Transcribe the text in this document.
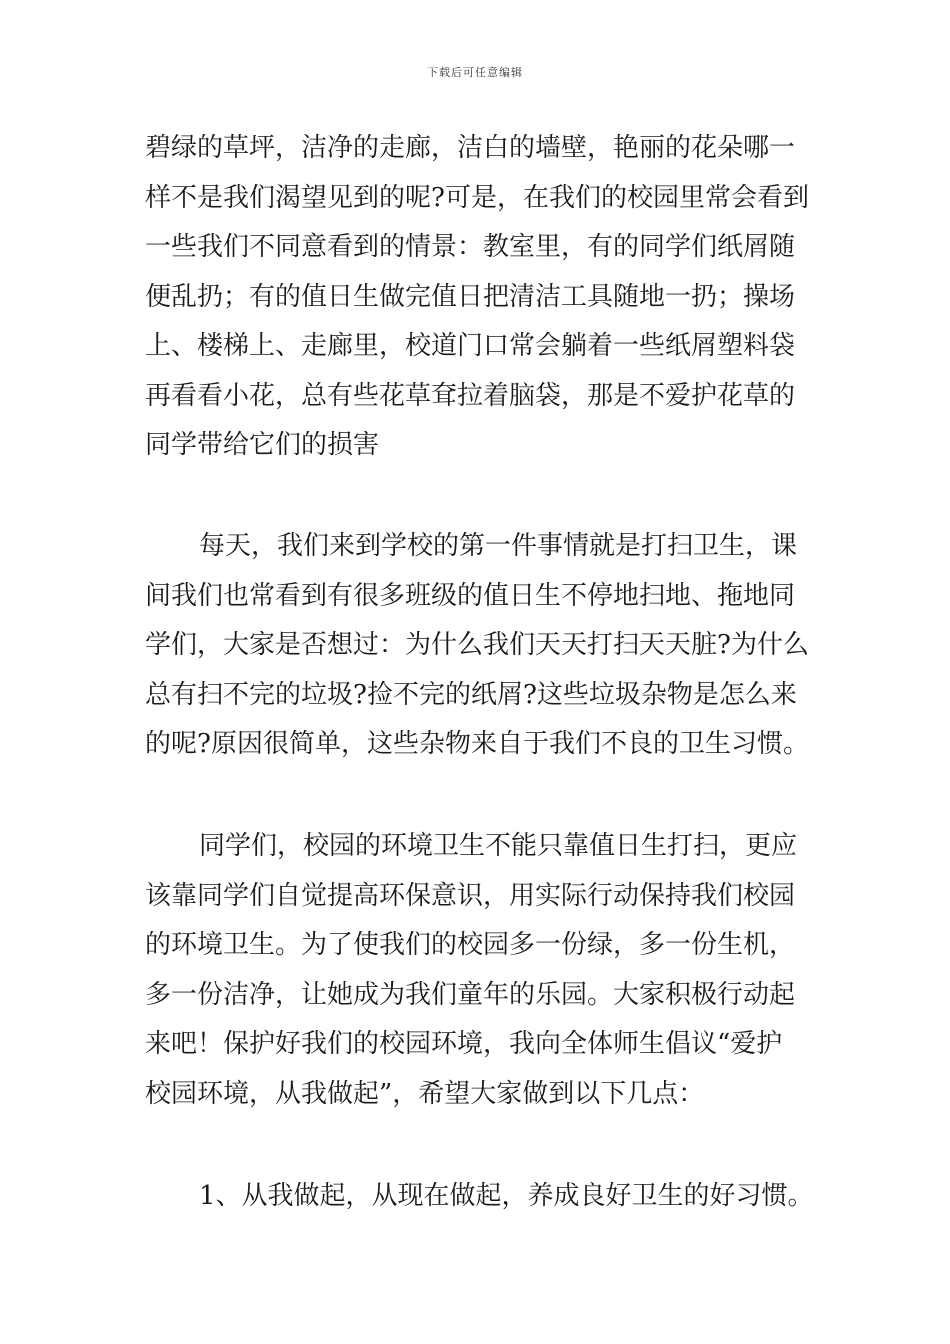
下载后可任意编辑

碧绿的草坪，洁净的走廊，洁白的墙壁，艳丽的花朵哪一
样不是我们渴望见到的呢?可是，在我们的校园里常会看到
一些我们不同意看到的情景：教室里，有的同学们纸屑随
便乱扔；有的值日生做完值日把清洁工具随地一扔；操场
上、楼梯上、走廊里，校道门口常会躺着一些纸屑塑料袋
再看看小花，总有些花草耷拉着脑袋，那是不爱护花草的
同学带给它们的损害

每天，我们来到学校的第一件事情就是打扫卫生，课
间我们也常看到有很多班级的值日生不停地扫地、拖地同
学们，大家是否想过：为什么我们天天打扫天天脏?为什么
总有扫不完的垃圾?捡不完的纸屑?这些垃圾杂物是怎么来
的呢?原因很简单，这些杂物来自于我们不良的卫生习惯。

同学们，校园的环境卫生不能只靠值日生打扫，更应
该靠同学们自觉提高环保意识，用实际行动保持我们校园
的环境卫生。为了使我们的校园多一份绿，多一份生机，
多一份洁净，让她成为我们童年的乐园。大家积极行动起
来吧！保护好我们的校园环境，我向全体师生倡议“爱护
校园环境，从我做起”，希望大家做到以下几点：

1、从我做起，从现在做起，养成良好卫生的好习惯。
